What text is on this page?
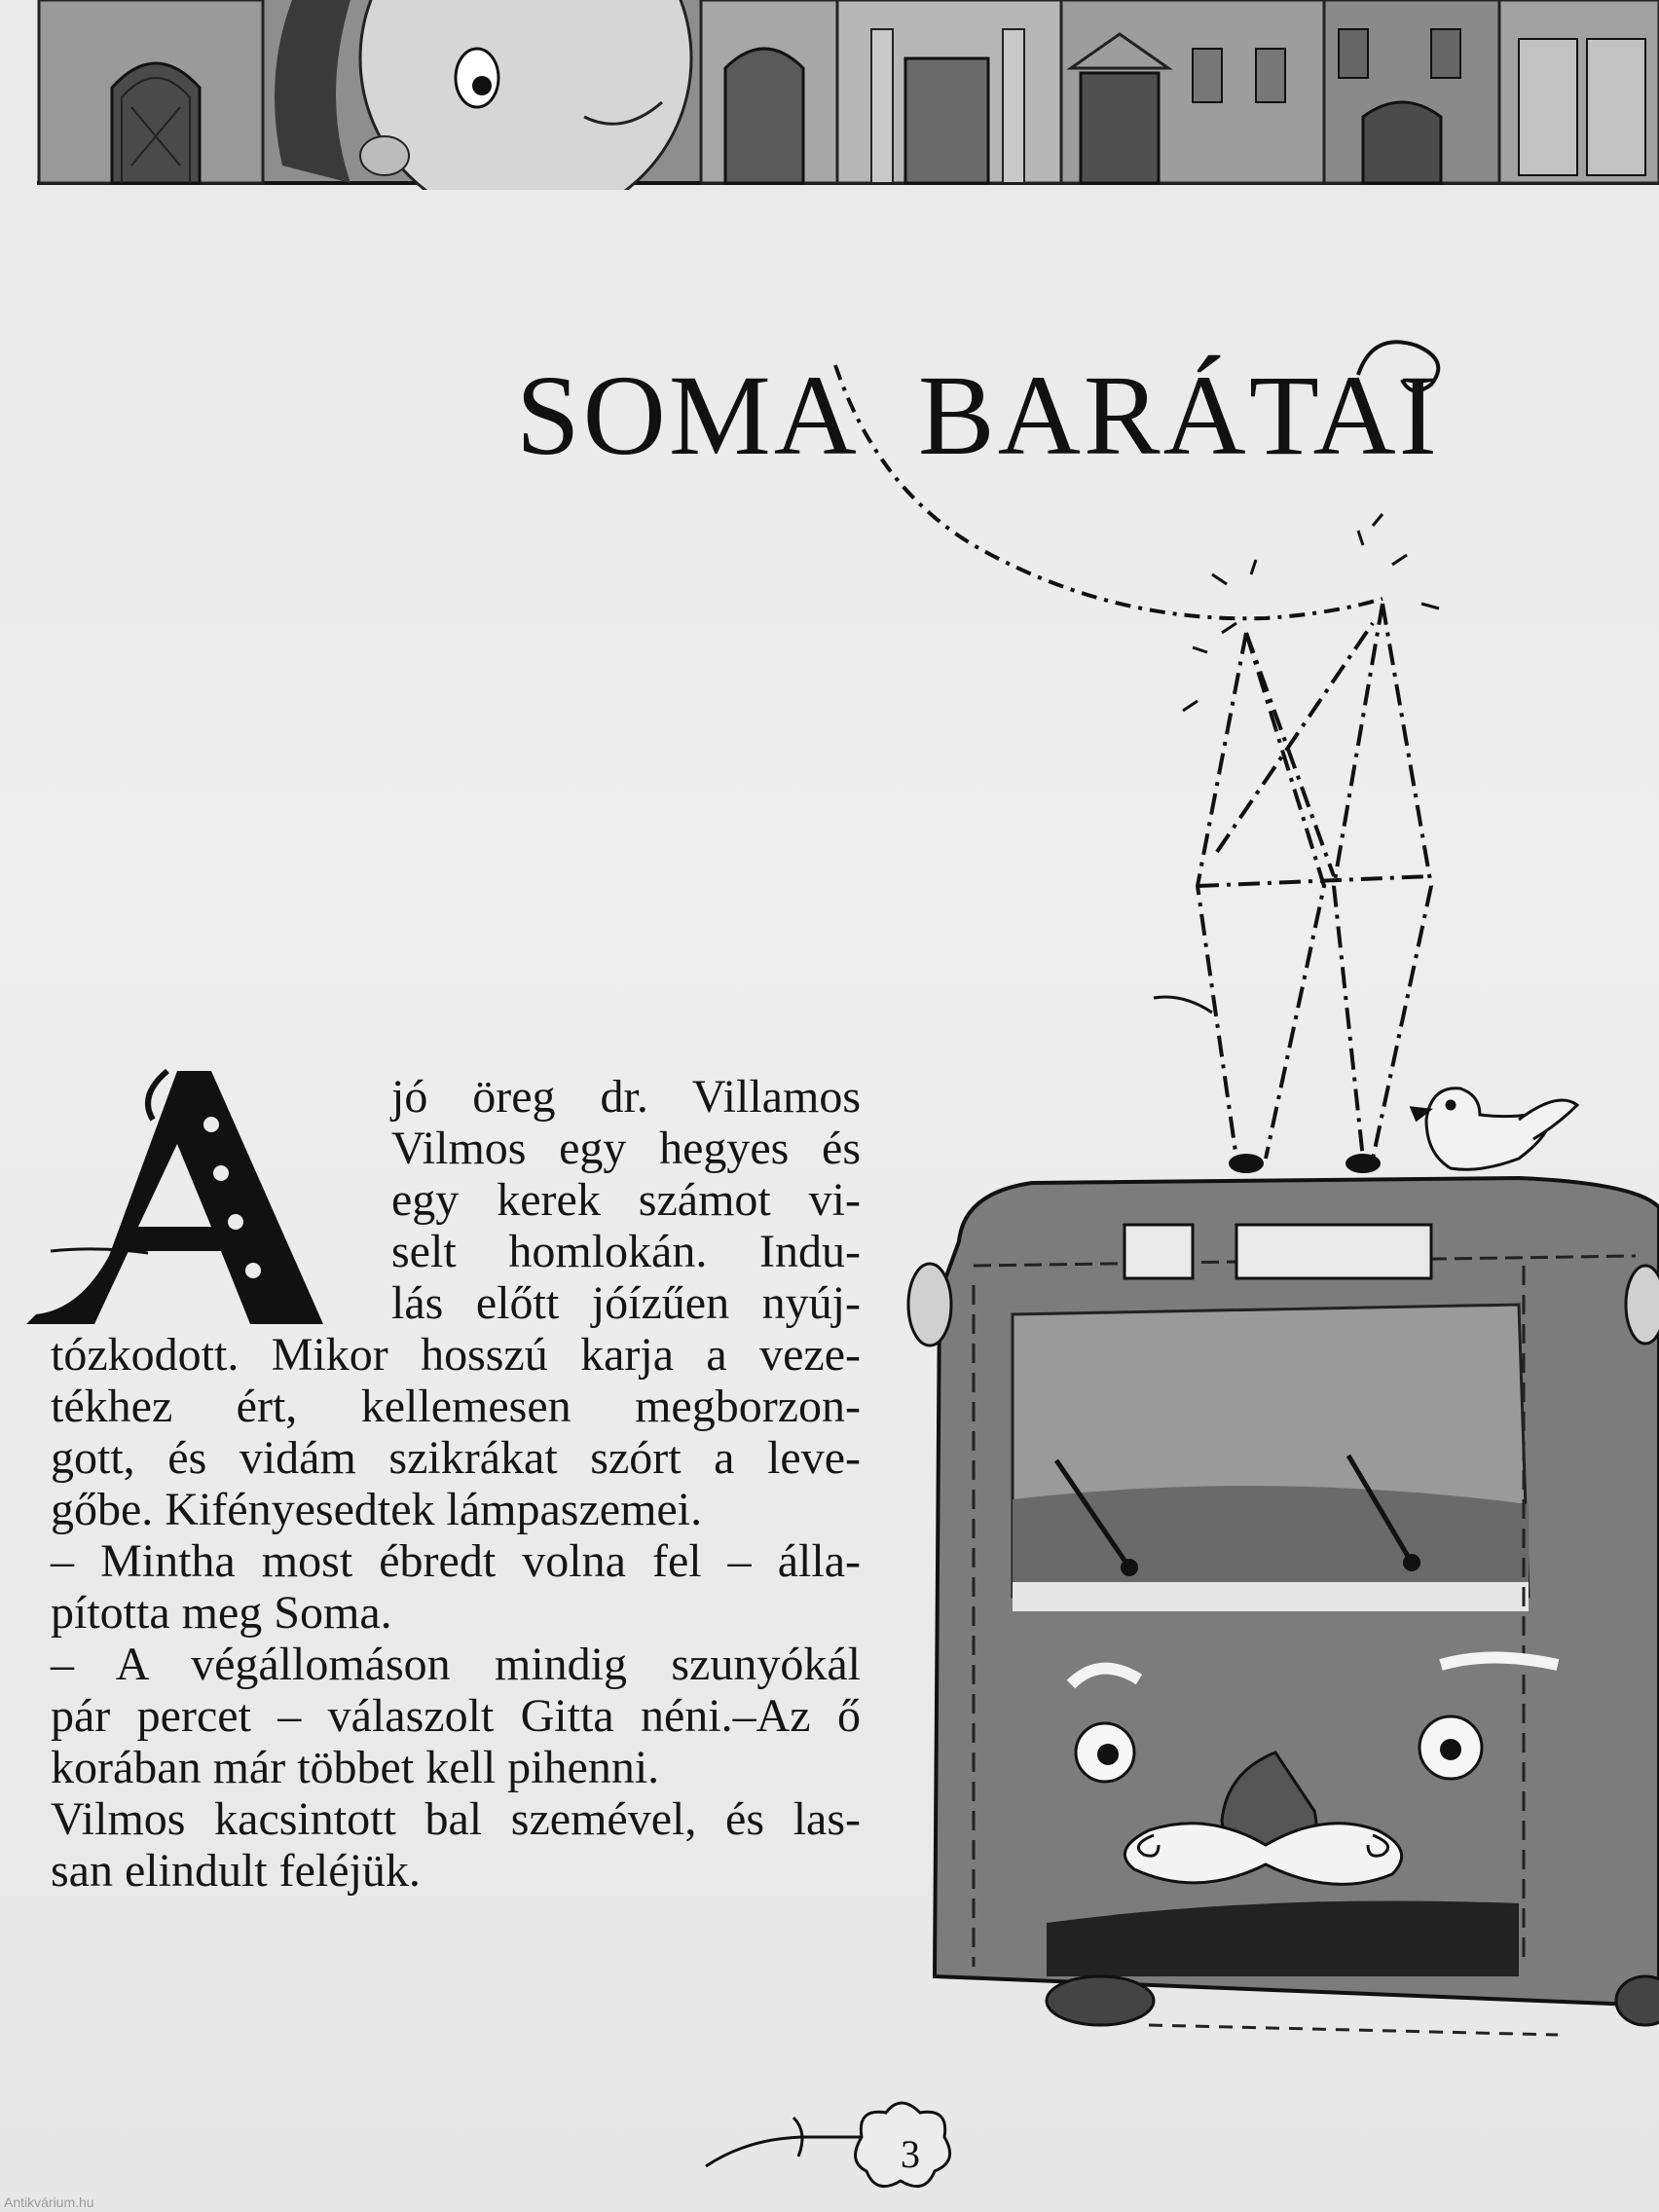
SOMA BARÁTAI
jó öreg dr. Villamos
Vilmos egy hegyes és
egy kerek számot vi-
selt homlokán. Indu-
lás előtt jóízűen nyúj-
tózkodott. Mikor hosszú karja a veze-
tékhez ért, kellemesen megborzon-
gott, és vidám szikrákat szórt a leve-
gőbe. Kifényesedtek lámpaszemei.
– Mintha most ébredt volna fel – álla-
pította meg Soma.
– A végállomáson mindig szunyókál
pár percet – válaszolt Gitta néni.–Az ő
korában már többet kell pihenni.
Vilmos kacsintott bal szemével, és las-
san elindult feléjük.
3
Antikvárium.hu
